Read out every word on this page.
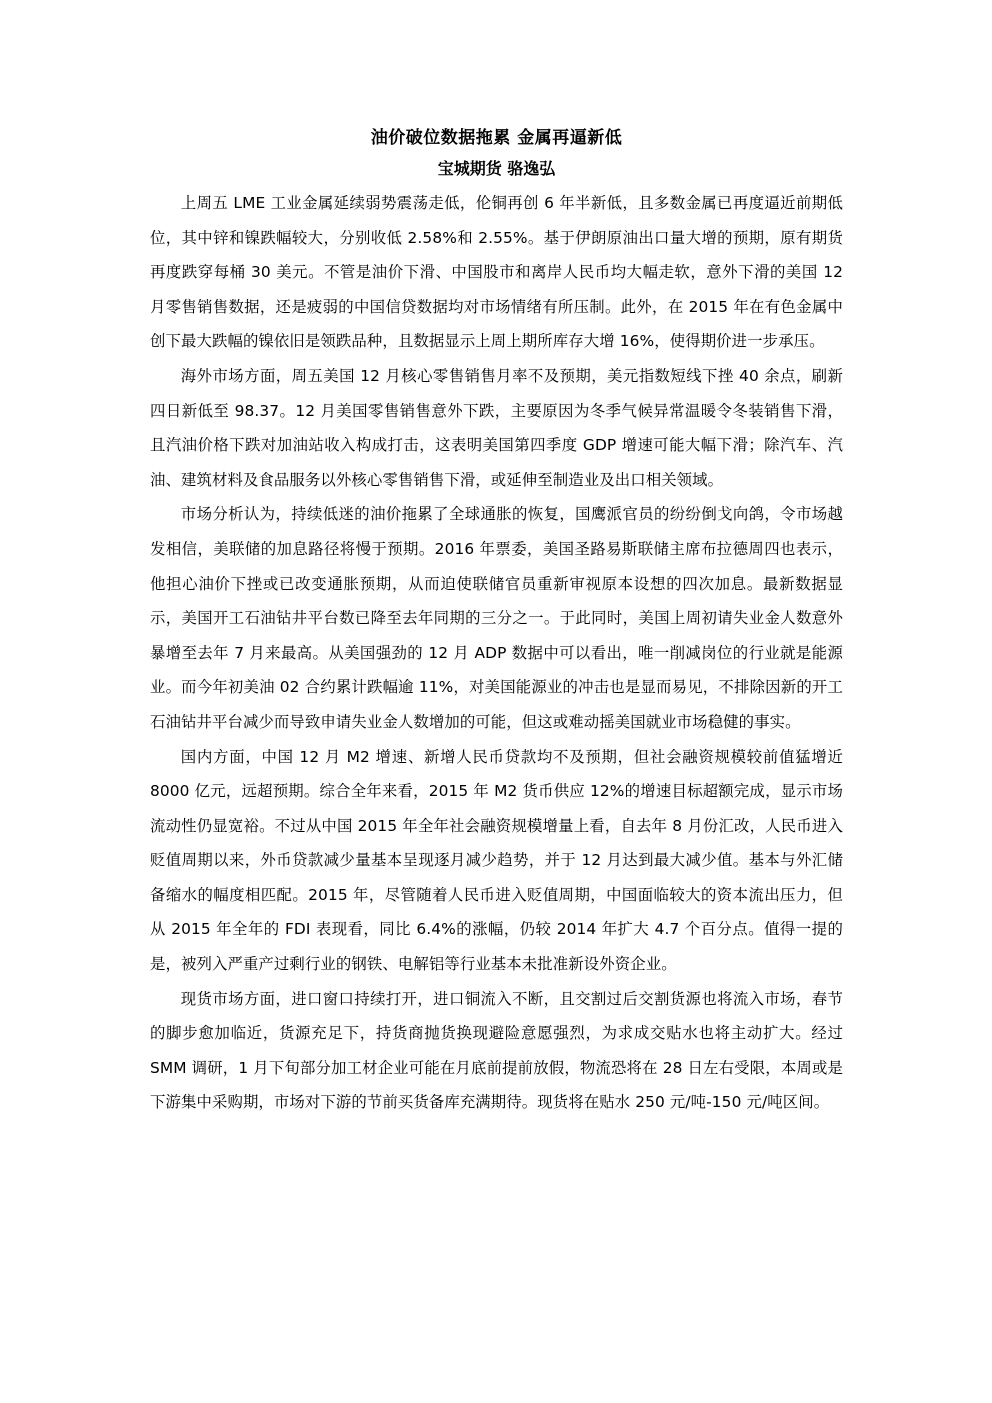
油价破位数据拖累 金属再逼新低
宝城期货 骆逸弘

上周五 LME 工业金属延续弱势震荡走低，伦铜再创 6 年半新低，且多数金属已再度逼近前期低位，其中锌和镍跌幅较大，分别收低 2.58%和 2.55%。基于伊朗原油出口量大增的预期，原有期货再度跌穿每桶 30 美元。不管是油价下滑、中国股市和离岸人民币均大幅走软，意外下滑的美国 12 月零售销售数据，还是疲弱的中国信贷数据均对市场情绪有所压制。此外，在 2015 年在有色金属中创下最大跌幅的镍依旧是领跌品种，且数据显示上周上期所库存大增 16%，使得期价进一步承压。

海外市场方面，周五美国 12 月核心零售销售月率不及预期，美元指数短线下挫 40 余点，刷新四日新低至 98.37。12 月美国零售销售意外下跌，主要原因为冬季气候异常温暖令冬装销售下滑，且汽油价格下跌对加油站收入构成打击，这表明美国第四季度 GDP 增速可能大幅下滑；除汽车、汽油、建筑材料及食品服务以外核心零售销售下滑，或延伸至制造业及出口相关领域。

市场分析认为，持续低迷的油价拖累了全球通胀的恢复，国鹰派官员的纷纷倒戈向鸽，令市场越发相信，美联储的加息路径将慢于预期。2016 年票委，美国圣路易斯联储主席布拉德周四也表示，他担心油价下挫或已改变通胀预期，从而迫使联储官员重新审视原本设想的四次加息。最新数据显示，美国开工石油钻井平台数已降至去年同期的三分之一。于此同时，美国上周初请失业金人数意外暴增至去年 7 月来最高。从美国强劲的 12 月 ADP 数据中可以看出，唯一削减岗位的行业就是能源业。而今年初美油 02 合约累计跌幅逾 11%，对美国能源业的冲击也是显而易见，不排除因新的开工石油钻井平台减少而导致申请失业金人数增加的可能，但这或难动摇美国就业市场稳健的事实。

国内方面，中国 12 月 M2 增速、新增人民币贷款均不及预期，但社会融资规模较前值猛增近 8000 亿元，远超预期。综合全年来看，2015 年 M2 货币供应 12%的增速目标超额完成，显示市场流动性仍显宽裕。不过从中国 2015 年全年社会融资规模增量上看，自去年 8 月份汇改，人民币进入贬值周期以来，外币贷款减少量基本呈现逐月减少趋势，并于 12 月达到最大减少值。基本与外汇储备缩水的幅度相匹配。2015 年，尽管随着人民币进入贬值周期，中国面临较大的资本流出压力，但从 2015 年全年的 FDI 表现看，同比 6.4%的涨幅，仍较 2014 年扩大 4.7 个百分点。值得一提的是，被列入严重产过剩行业的钢铁、电解铝等行业基本未批准新设外资企业。

现货市场方面，进口窗口持续打开，进口铜流入不断，且交割过后交割货源也将流入市场，春节的脚步愈加临近，货源充足下，持货商抛货换现避险意愿强烈，为求成交贴水也将主动扩大。经过 SMM 调研，1 月下旬部分加工材企业可能在月底前提前放假，物流恐将在 28 日左右受限，本周或是下游集中采购期，市场对下游的节前买货备库充满期待。现货将在贴水 250 元/吨-150 元/吨区间。
